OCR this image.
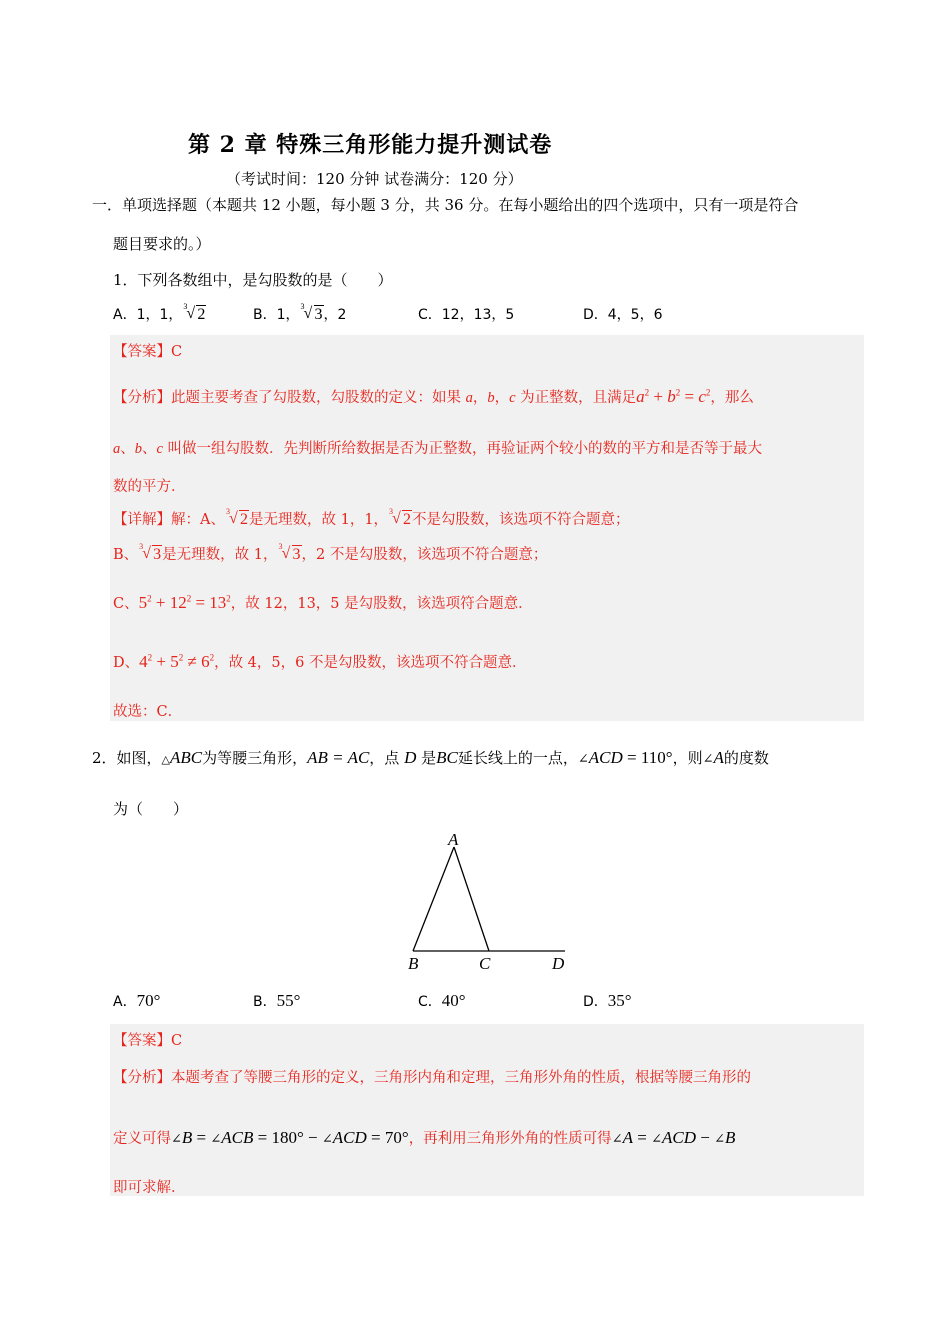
第 2 章 特殊三角形能力提升测试卷
（考试时间：120 分钟 试卷满分：120 分）
一．单项选择题（本题共 12 小题，每小题 3 分，共 36 分。在每小题给出的四个选项中，只有一项是符合
题目要求的。）
1．下列各数组中，是勾股数的是（　　）
A．1，1，
3 √ 2	B．1，
3 √ 3，2	C．12，13，5	D．4，5，6
【答案】C
【分析】此题主要考查了勾股数，勾股数的定义：如果 a，b，c 为正整数，且满足$a^2 + b^2 = c^2$，那么
a、b、c 叫做一组勾股数．先判断所给数据是否为正整数，再验证两个较小的数的平方和是否等于最大
数的平方．
【详解】解：A、
3 √ 2是无理数，故 1，1，
3 √ 2不是勾股数，该选项不符合题意；
B、
3 √ 3是无理数，故 1，
3 √ 3，2 不是勾股数，该选项不符合题意；
C、$5^2 + 12^2 = 13^2$，故 12，13，5 是勾股数，该选项符合题意．
D、$4^2 + 5^2 \ne 6^2$，故 4，5，6 不是勾股数，该选项不符合题意．
故选：C．
2．如图，△ABC为等腰三角形，AB = AC，点 D 是BC延长线上的一点，∠ACD = 110°，则∠A的度数
为（　　）
A
B	C	D
A．70°	B．55°	C．40°	D．35°
【答案】C
【分析】本题考查了等腰三角形的定义，三角形内角和定理，三角形外角的性质，根据等腰三角形的
定义可得∠B = ∠ACB = 180° − ∠ACD = 70°，再利用三角形外角的性质可得∠A = ∠ACD − ∠B
即可求解．
